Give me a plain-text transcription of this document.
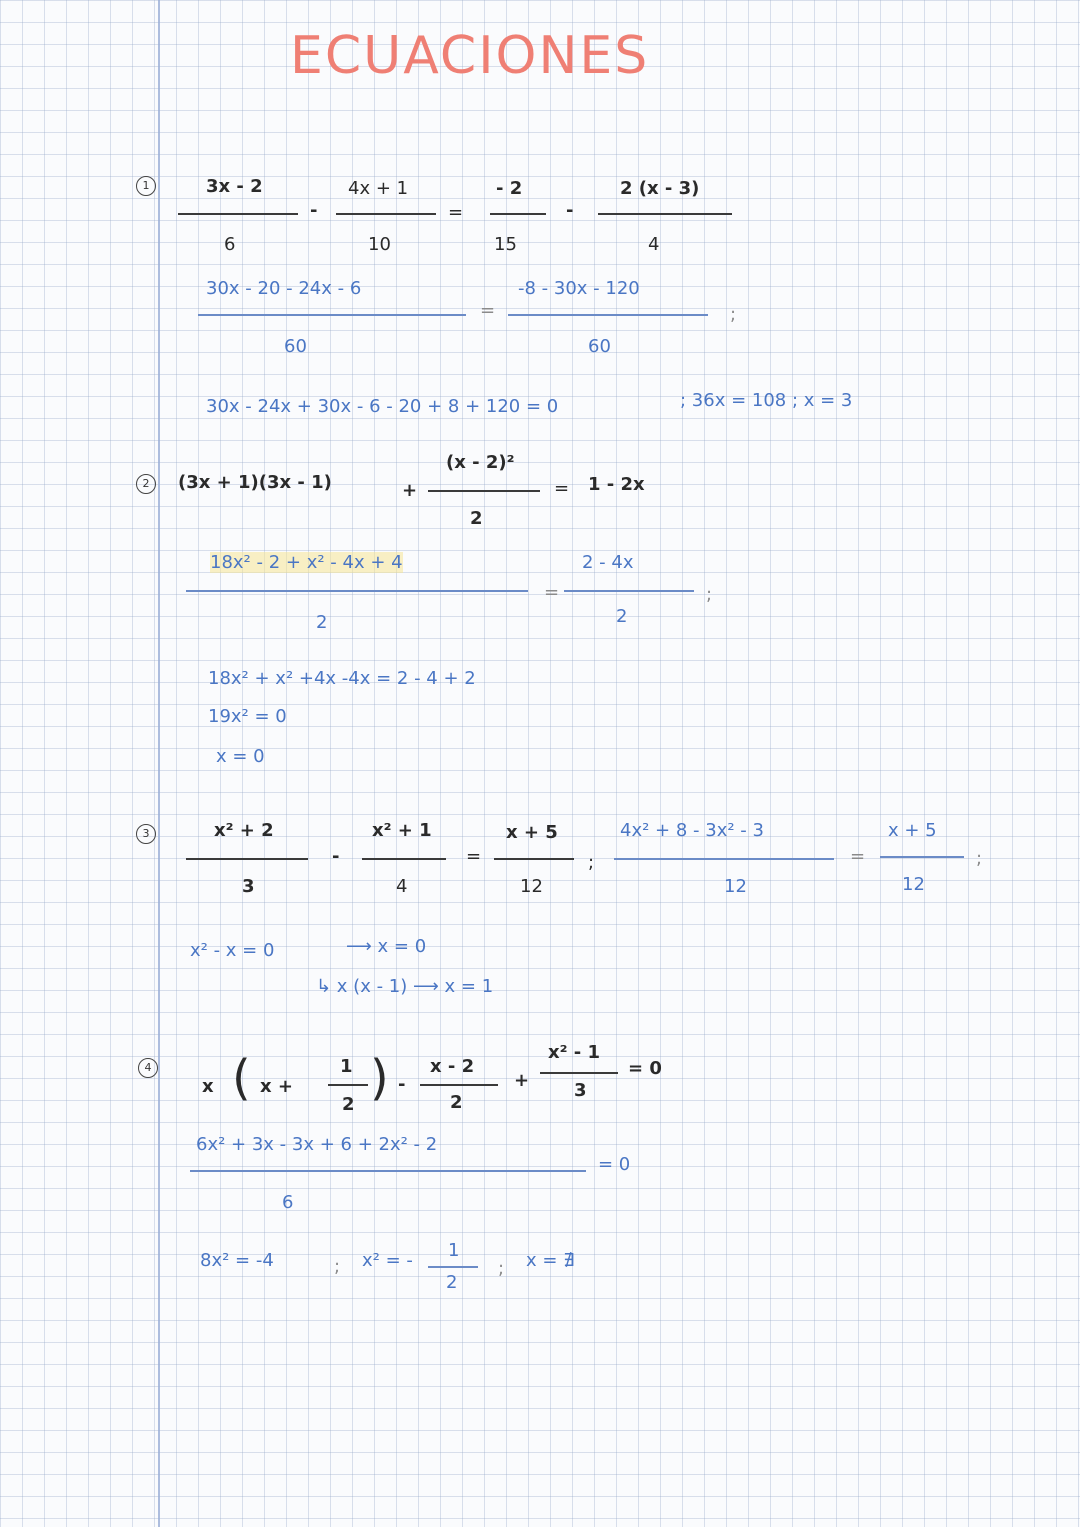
ECUACIONES
1	3x - 2
6
-
4x + 1
10
=
- 2
15
-
2 (x - 3)
4
30x - 20 - 24x - 6
60
=
-8 - 30x - 120
60
;
30x - 24x + 30x - 6 - 20 + 8 + 120 = 0	; 36x = 108 ; x = 3
2	(3x + 1)(3x - 1)	+
(x - 2)²
2
= 1 - 2x
18x² - 2 + x² - 4x + 4
2
=
2 - 4x
2
;
18x² + x² +4x -4x = 2 - 4 + 2
19x² = 0
x = 0
3	x² + 2
3
-
x² + 1
4
=
x + 5
12
;
4x² + 8 - 3x² - 3
12
=
x + 5
12
;
x² - x = 0	⟶ x = 0
↳ x (x - 1) ⟶ x = 1
4
x ( x +
1
2 ) -
x - 2
2
+
x² - 1
3
= 0
6x² + 3x - 3x + 6 + 2x² - 2
6
= 0
8x² = -4	; x² = - 1
2
; x = ∄
